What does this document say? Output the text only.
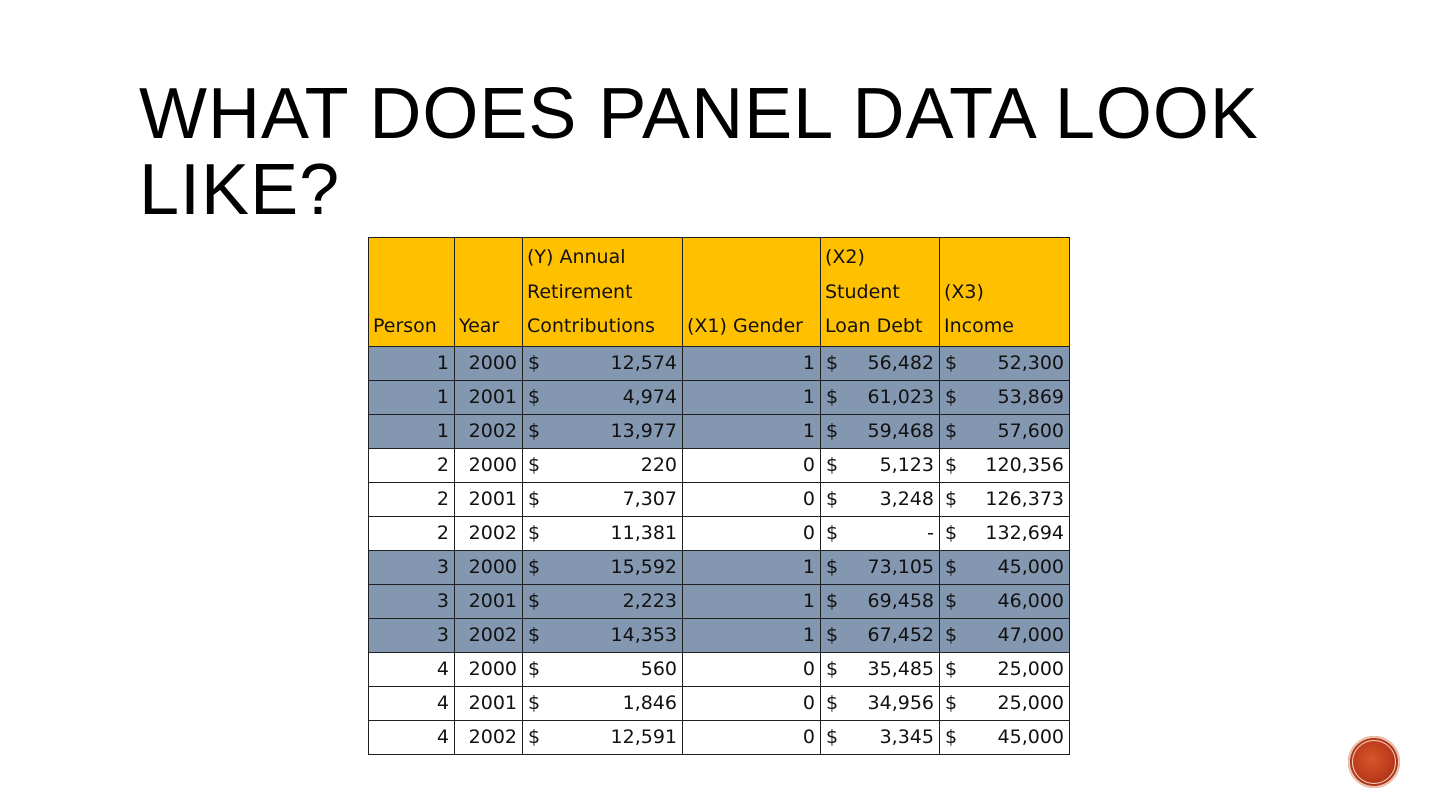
WHAT DOES PANEL DATA LOOK LIKE?
Person	Year	(Y) Annual Retirement Contributions	(X1) Gender	(X2) Student Loan Debt	(X3) Income

1	2000	$ 12,574	1	$ 56,482	$ 52,300

1	2001	$ 4,974	1	$ 61,023	$ 53,869

1	2002	$ 13,977	1	$ 59,468	$ 57,600

2	2000	$ 220	0	$ 5,123	$ 120,356

2	2001	$ 7,307	0	$ 3,248	$ 126,373

2	2002	$ 11,381	0	$ -	$ 132,694

3	2000	$ 15,592	1	$ 73,105	$ 45,000

3	2001	$ 2,223	1	$ 69,458	$ 46,000

3	2002	$ 14,353	1	$ 67,452	$ 47,000

4	2000	$ 560	0	$ 35,485	$ 25,000

4	2001	$ 1,846	0	$ 34,956	$ 25,000

4	2002	$ 12,591	0	$ 3,345	$ 45,000
